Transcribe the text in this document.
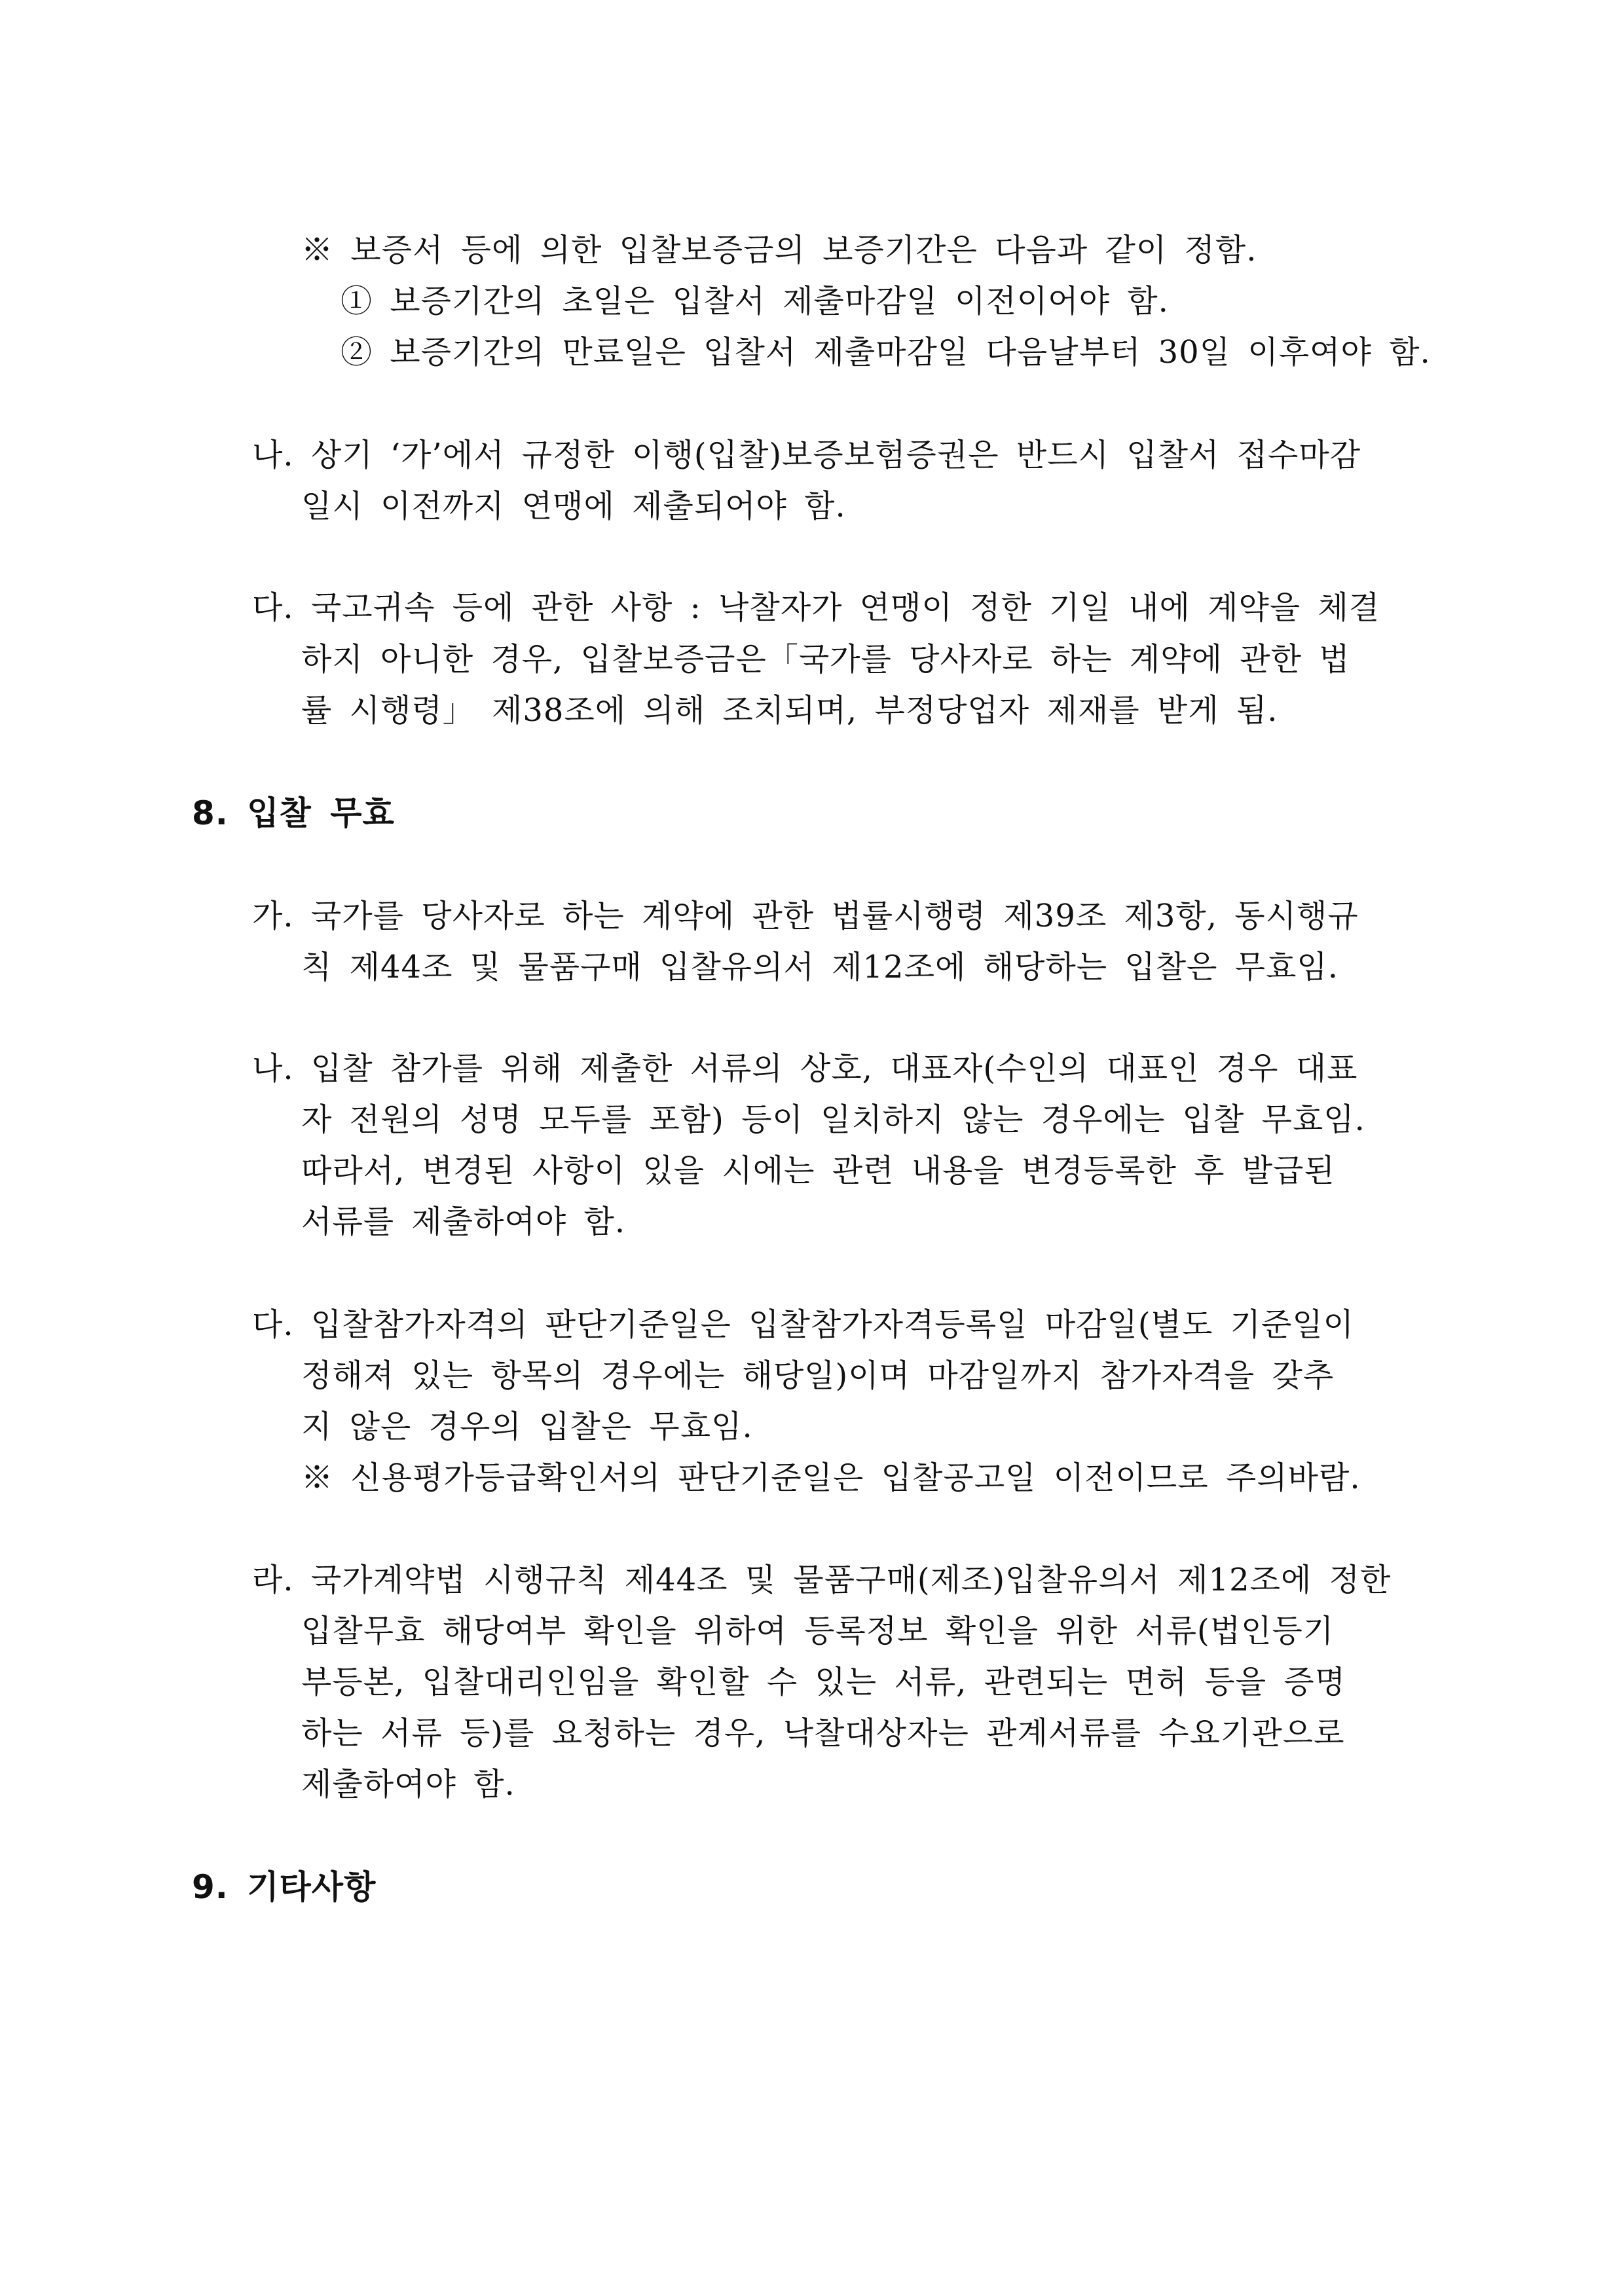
※ 보증서 등에 의한 입찰보증금의 보증기간은 다음과 같이 정함.
① 보증기간의 초일은 입찰서 제출마감일 이전이어야 함.
② 보증기간의 만료일은 입찰서 제출마감일 다음날부터 30일 이후여야 함.
나. 상기 ‘가’에서 규정한 이행(입찰)보증보험증권은 반드시 입찰서 접수마감
일시 이전까지 연맹에 제출되어야 함.
다. 국고귀속 등에 관한 사항 : 낙찰자가 연맹이 정한 기일 내에 계약을 체결
하지 아니한 경우, 입찰보증금은「국가를 당사자로 하는 계약에 관한 법
률 시행령」 제38조에 의해 조치되며, 부정당업자 제재를 받게 됨.
8. 입찰 무효
가. 국가를 당사자로 하는 계약에 관한 법률시행령 제39조 제3항, 동시행규
칙 제44조 및 물품구매 입찰유의서 제12조에 해당하는 입찰은 무효임.
나. 입찰 참가를 위해 제출한 서류의 상호, 대표자(수인의 대표인 경우 대표
자 전원의 성명 모두를 포함) 등이 일치하지 않는 경우에는 입찰 무효임.
따라서, 변경된 사항이 있을 시에는 관련 내용을 변경등록한 후 발급된
서류를 제출하여야 함.
다. 입찰참가자격의 판단기준일은 입찰참가자격등록일 마감일(별도 기준일이
정해져 있는 항목의 경우에는 해당일)이며 마감일까지 참가자격을 갖추
지 않은 경우의 입찰은 무효임.
※ 신용평가등급확인서의 판단기준일은 입찰공고일 이전이므로 주의바람.
라. 국가계약법 시행규칙 제44조 및 물품구매(제조)입찰유의서 제12조에 정한
입찰무효 해당여부 확인을 위하여 등록정보 확인을 위한 서류(법인등기
부등본, 입찰대리인임을 확인할 수 있는 서류, 관련되는 면허 등을 증명
하는 서류 등)를 요청하는 경우, 낙찰대상자는 관계서류를 수요기관으로
제출하여야 함.
9. 기타사항
